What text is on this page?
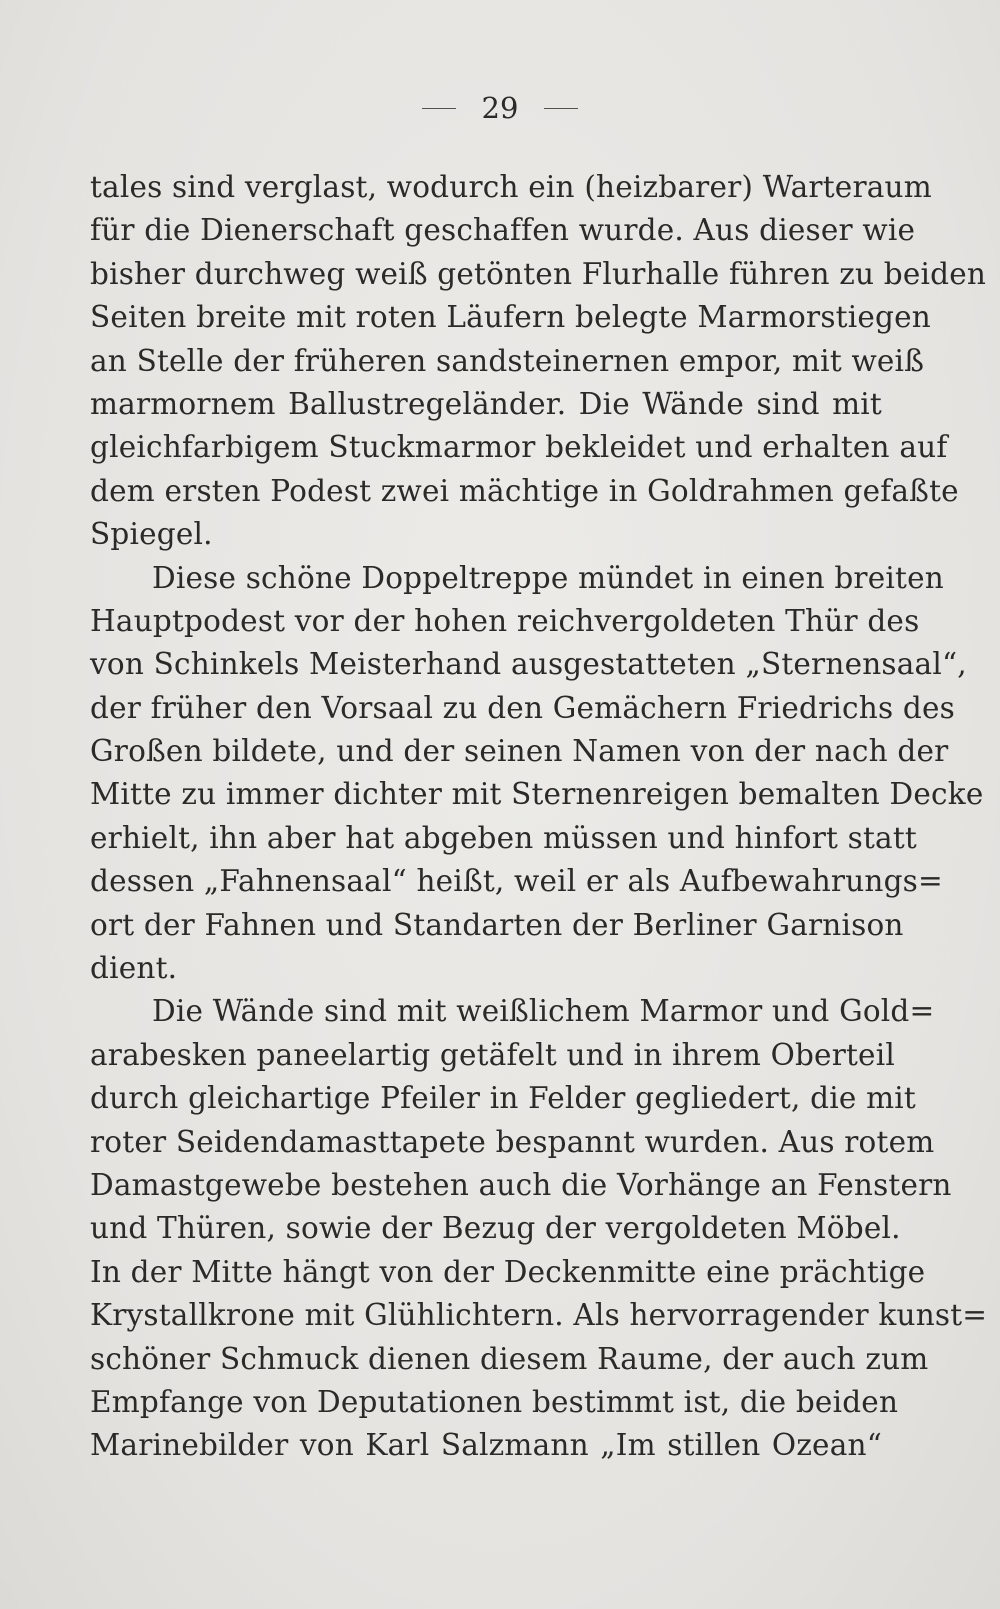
29
tales sind verglast, wodurch ein (heizbarer) Warteraum
für die Dienerschaft geschaffen wurde. Aus dieser wie
bisher durchweg weiß getönten Flurhalle führen zu beiden
Seiten breite mit roten Läufern belegte Marmorstiegen
an Stelle der früheren sandsteinernen empor, mit weiß
marmornem Ballustregeländer. Die Wände sind mit
gleichfarbigem Stuckmarmor bekleidet und erhalten auf
dem ersten Podest zwei mächtige in Goldrahmen gefaßte
Spiegel.
Diese schöne Doppeltreppe mündet in einen breiten
Hauptpodest vor der hohen reichvergoldeten Thür des
von Schinkels Meisterhand ausgestatteten „Sternensaal“,
der früher den Vorsaal zu den Gemächern Friedrichs des
Großen bildete, und der seinen Namen von der nach der
Mitte zu immer dichter mit Sternenreigen bemalten Decke
erhielt, ihn aber hat abgeben müssen und hinfort statt
dessen „Fahnensaal“ heißt, weil er als Aufbewahrungs=
ort der Fahnen und Standarten der Berliner Garnison
dient.
Die Wände sind mit weißlichem Marmor und Gold=
arabesken paneelartig getäfelt und in ihrem Oberteil
durch gleichartige Pfeiler in Felder gegliedert, die mit
roter Seidendamasttapete bespannt wurden. Aus rotem
Damastgewebe bestehen auch die Vorhänge an Fenstern
und Thüren, sowie der Bezug der vergoldeten Möbel.
In der Mitte hängt von der Deckenmitte eine prächtige
Krystallkrone mit Glühlichtern. Als hervorragender kunst=
schöner Schmuck dienen diesem Raume, der auch zum
Empfange von Deputationen bestimmt ist, die beiden
Marinebilder von Karl Salzmann „Im stillen Ozean“
